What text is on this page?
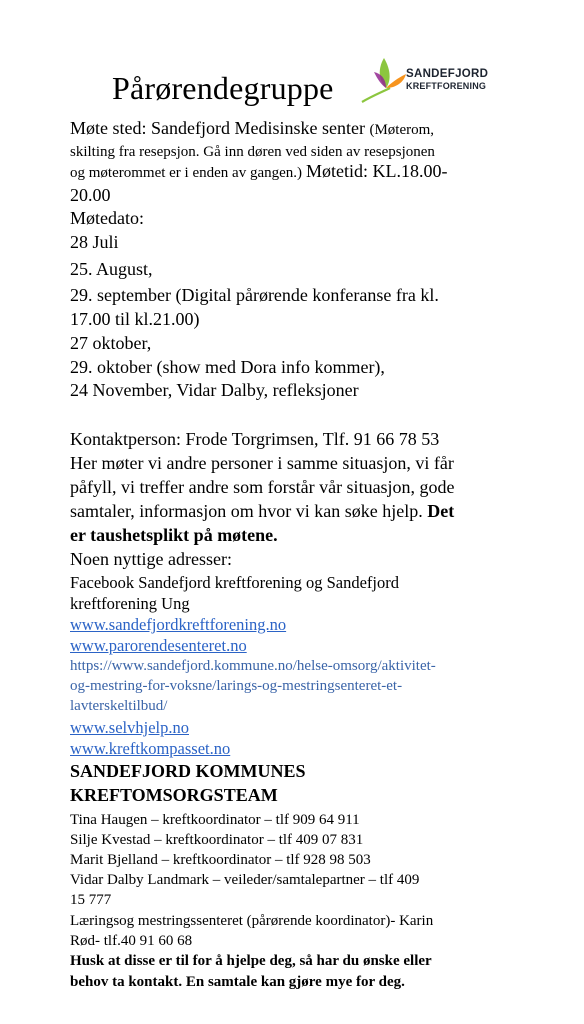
Pårørendegruppe	SANDEFJORD
KREFTFORENING
Møte sted: Sandefjord Medisinske senter (Møterom,
skilting fra resepsjon. Gå inn døren ved siden av resepsjonen
og møterommet er i enden av gangen.) Møtetid: KL.18.00-
20.00
Møtedato:
28 Juli
25. August,
29. september (Digital pårørende konferanse fra kl.
17.00 til kl.21.00)
27 oktober,
29. oktober (show med Dora info kommer),
24 November, Vidar Dalby, refleksjoner
Kontaktperson: Frode Torgrimsen, Tlf. 91 66 78 53
Her møter vi andre personer i samme situasjon, vi får
påfyll, vi treffer andre som forstår vår situasjon, gode
samtaler, informasjon om hvor vi kan søke hjelp. Det
er taushetsplikt på møtene.
Noen nyttige adresser:
Facebook Sandefjord kreftforening og Sandefjord
kreftforening Ung
www.sandefjordkreftforening.no
www.parorendesenteret.no
https://www.sandefjord.kommune.no/helse-omsorg/aktivitet-
og-mestring-for-voksne/larings-og-mestringsenteret-et-
lavterskeltilbud/
www.selvhjelp.no
www.kreftkompasset.no
SANDEFJORD KOMMUNES
KREFTOMSORGSTEAM
Tina Haugen – kreftkoordinator – tlf 909 64 911
Silje Kvestad – kreftkoordinator – tlf 409 07 831
Marit Bjelland – kreftkoordinator – tlf 928 98 503
Vidar Dalby Landmark – veileder/samtalepartner – tlf 409
15 777
Læringsog mestringssenteret (pårørende koordinator)- Karin
Rød- tlf.40 91 60 68
Husk at disse er til for å hjelpe deg, så har du ønske eller
behov ta kontakt. En samtale kan gjøre mye for deg.
